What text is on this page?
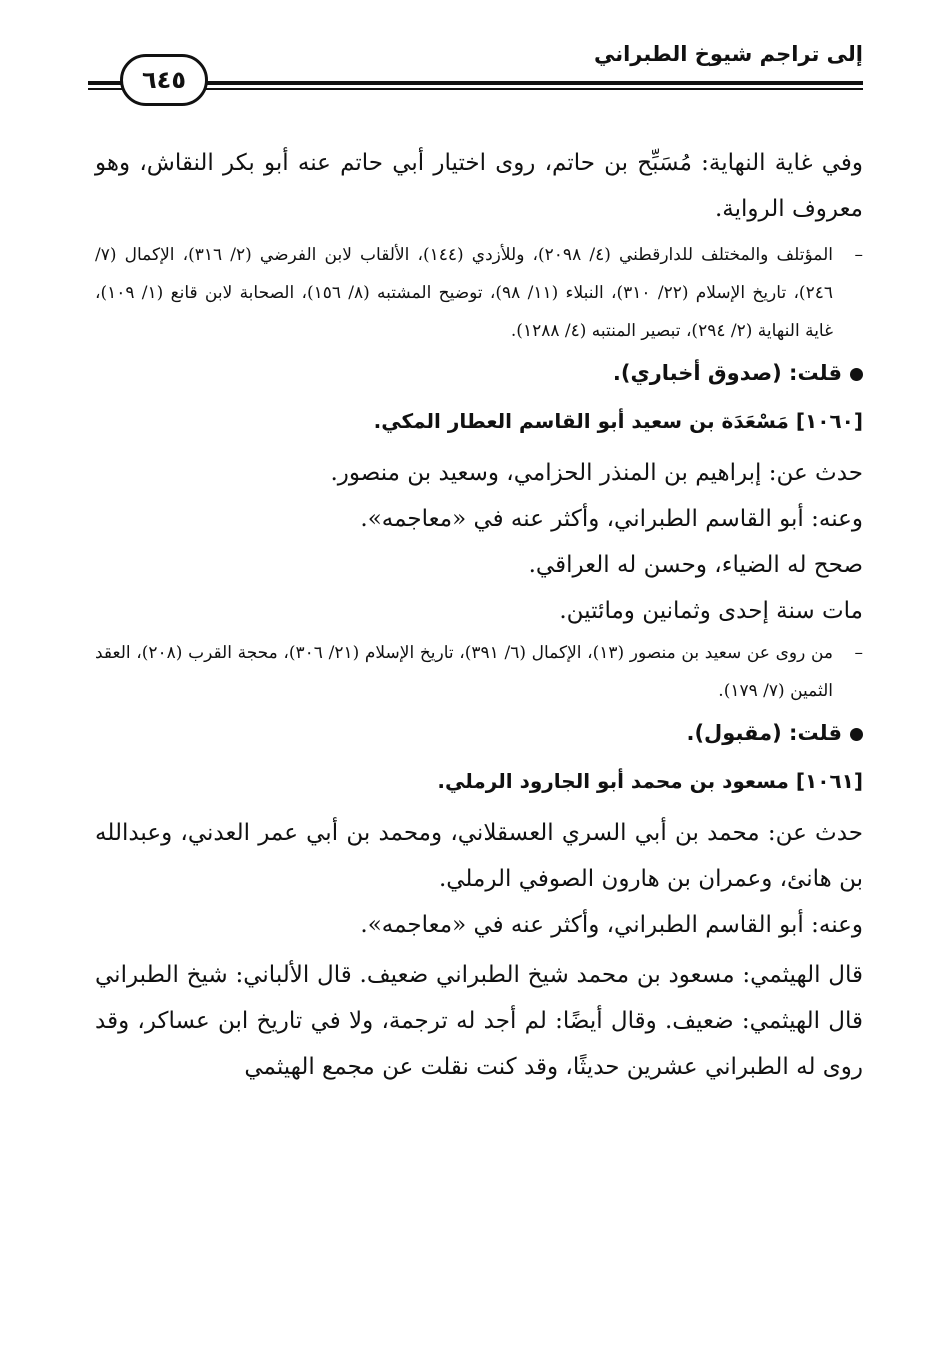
إلى تراجم شيوخ الطبراني
٦٤٥

وفي غاية النهاية: مُسَبِّح بن حاتم، روى اختيار أبي حاتم عنه أبو بكر النقاش، وهو معروف الرواية.

–
المؤتلف والمختلف للدارقطني (٤/ ٢٠٩٨)، وللأزدي (١٤٤)، الألقاب لابن الفرضي (٢/ ٣١٦)، الإكمال (٧/ ٢٤٦)، تاريخ الإسلام (٢٢/ ٣١٠)، النبلاء (١١/ ٩٨)، توضيح المشتبه (٨/ ١٥٦)، الصحابة لابن قانع (١/ ١٠٩)، غاية النهاية (٢/ ٢٩٤)، تبصير المنتبه (٤/ ١٢٨٨).

قلت: (صدوق أخباري).

[١٠٦٠] مَسْعَدَة بن سعيد أبو القاسم العطار المكي.

حدث عن: إبراهيم بن المنذر الحزامي، وسعيد بن منصور.

وعنه: أبو القاسم الطبراني، وأكثر عنه في «معاجمه».

صحح له الضياء، وحسن له العراقي.

مات سنة إحدى وثمانين ومائتين.

–
من روى عن سعيد بن منصور (١٣)، الإكمال (٦/ ٣٩١)، تاريخ الإسلام (٢١/ ٣٠٦)، محجة القرب (٢٠٨)، العقد الثمين (٧/ ١٧٩).

قلت: (مقبول).

[١٠٦١] مسعود بن محمد أبو الجارود الرملي.

حدث عن: محمد بن أبي السري العسقلاني، ومحمد بن أبي عمر العدني، وعبدالله بن هانئ، وعمران بن هارون الصوفي الرملي.

وعنه: أبو القاسم الطبراني، وأكثر عنه في «معاجمه».

قال الهيثمي: مسعود بن محمد شيخ الطبراني ضعيف. قال الألباني: شيخ الطبراني قال الهيثمي: ضعيف. وقال أيضًا: لم أجد له ترجمة، ولا في تاريخ ابن عساكر، وقد روى له الطبراني عشرين حديثًا، وقد كنت نقلت عن مجمع الهيثمي
